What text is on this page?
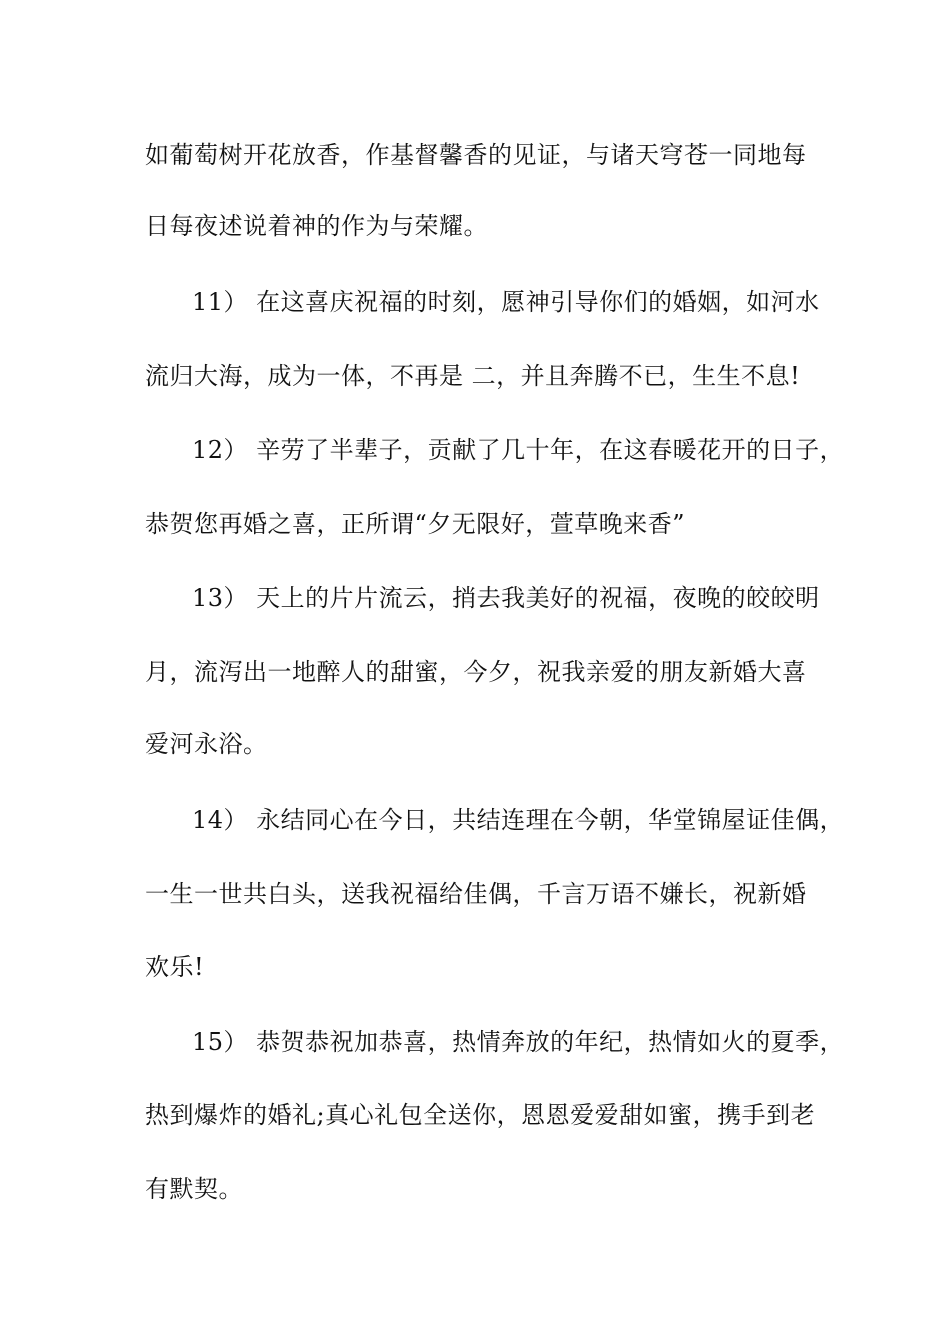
如葡萄树开花放香，作基督馨香的见证，与诸天穹苍一同地每
日每夜述说着神的作为与荣耀。
11） 在这喜庆祝福的时刻，愿神引导你们的婚姻，如河水
流归大海，成为一体，不再是 二，并且奔腾不已，生生不息!
12） 辛劳了半辈子，贡献了几十年，在这春暖花开的日子，
恭贺您再婚之喜，正所谓“夕无限好，萱草晚来香”
13） 天上的片片流云，捎去我美好的祝福，夜晚的皎皎明
月，流泻出一地醉人的甜蜜，今夕，祝我亲爱的朋友新婚大喜
爱河永浴。
14） 永结同心在今日，共结连理在今朝，华堂锦屋证佳偶，
一生一世共白头，送我祝福给佳偶，千言万语不嫌长，祝新婚
欢乐!
15） 恭贺恭祝加恭喜，热情奔放的年纪，热情如火的夏季，
热到爆炸的婚礼;真心礼包全送你，恩恩爱爱甜如蜜，携手到老
有默契。
